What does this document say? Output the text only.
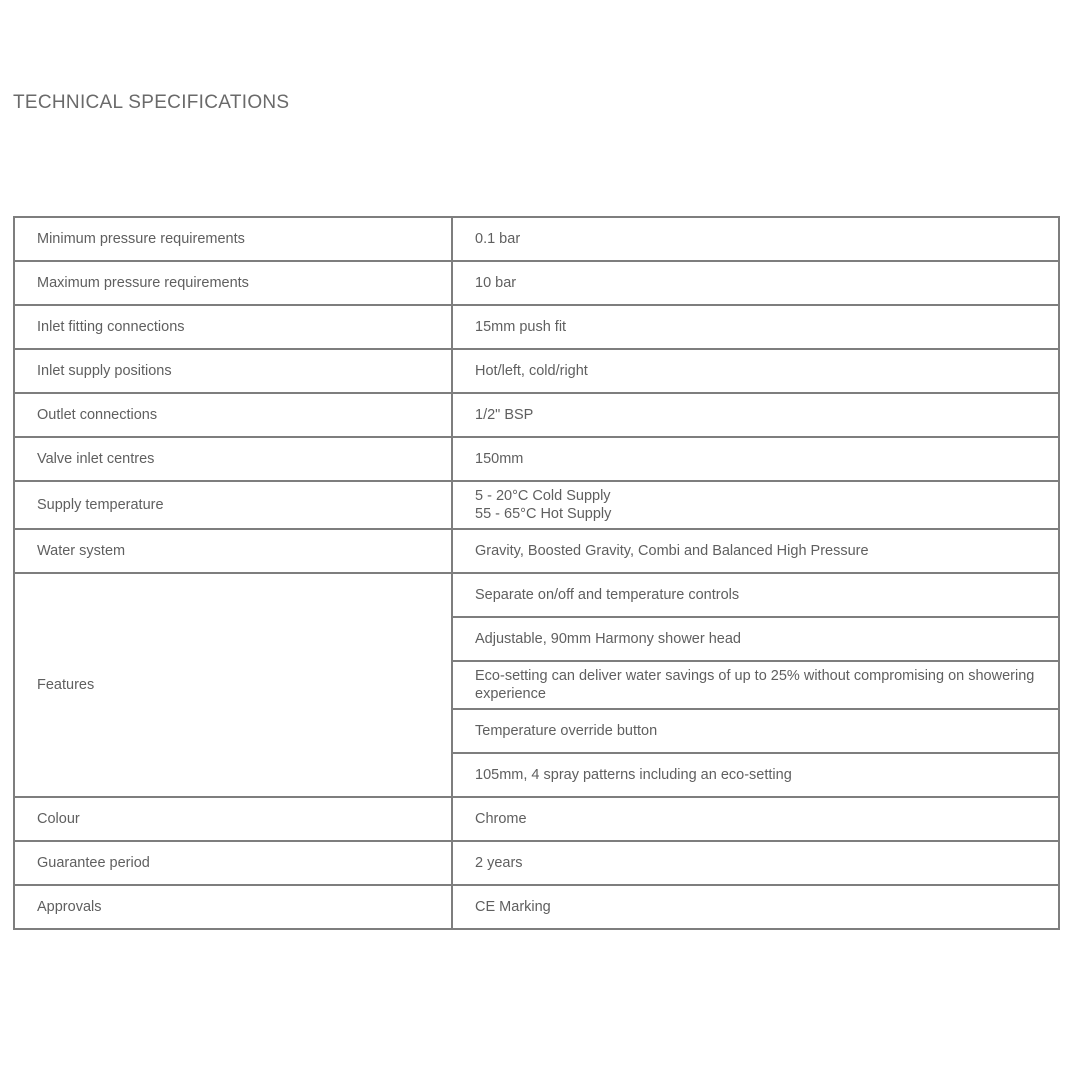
TECHNICAL SPECIFICATIONS
Minimum pressure requirements	0.1 bar
Maximum pressure requirements	10 bar
Inlet fitting connections	15mm push fit
Inlet supply positions	Hot/left, cold/right
Outlet connections	1/2" BSP
Valve inlet centres	150mm
Supply temperature	5 - 20°C Cold Supply
55 - 65°C Hot Supply
Water system	Gravity, Boosted Gravity, Combi and Balanced High Pressure
Features	Separate on/off and temperature controls
	Adjustable, 90mm Harmony shower head
	Eco-setting can deliver water savings of up to 25% without compromising on showering experience
	Temperature override button
	105mm, 4 spray patterns including an eco-setting
Colour	Chrome
Guarantee period	2 years
Approvals	CE Marking
